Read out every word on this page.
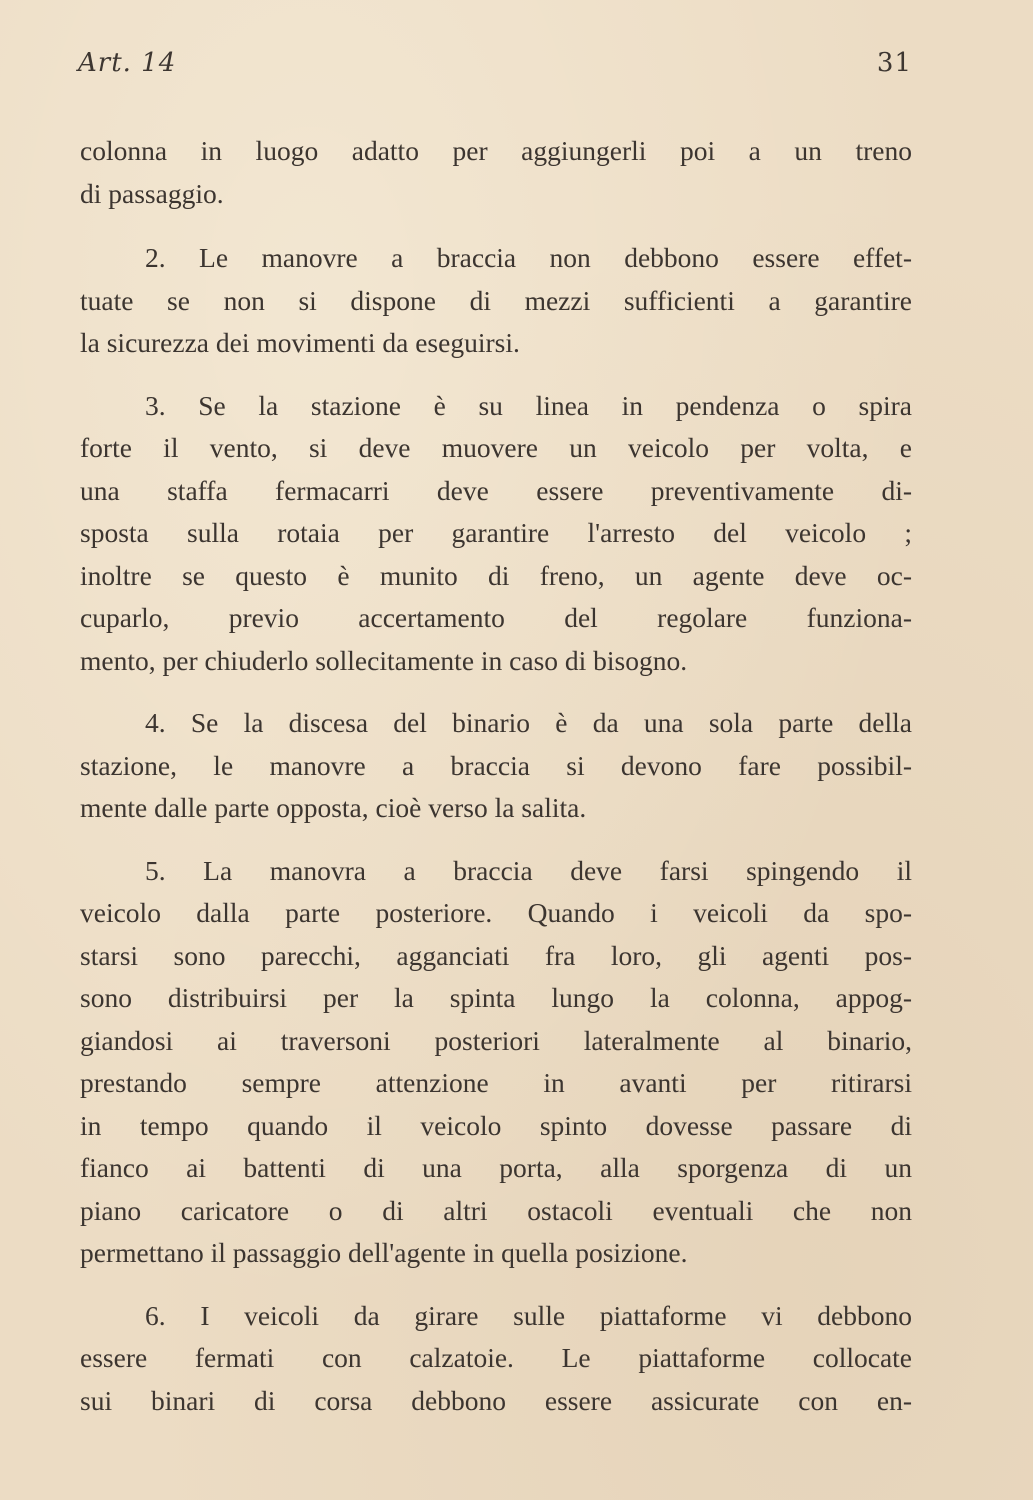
Art. 14	31
colonna in luogo adatto per aggiungerli poi a un treno
di passaggio.
2. Le manovre a braccia non debbono essere effet-
tuate se non si dispone di mezzi sufficienti a garantire
la sicurezza dei movimenti da eseguirsi.
3. Se la stazione è su linea in pendenza o spira
forte il vento, si deve muovere un veicolo per volta, e
una staffa fermacarri deve essere preventivamente di-
sposta sulla rotaia per garantire l'arresto del veicolo ;
inoltre se questo è munito di freno, un agente deve oc-
cuparlo, previo accertamento del regolare funziona-
mento, per chiuderlo sollecitamente in caso di bisogno.
4. Se la discesa del binario è da una sola parte della
stazione, le manovre a braccia si devono fare possibil-
mente dalle parte opposta, cioè verso la salita.
5. La manovra a braccia deve farsi spingendo il
veicolo dalla parte posteriore. Quando i veicoli da spo-
starsi sono parecchi, agganciati fra loro, gli agenti pos-
sono distribuirsi per la spinta lungo la colonna, appog-
giandosi ai traversoni posteriori lateralmente al binario,
prestando sempre attenzione in avanti per ritirarsi
in tempo quando il veicolo spinto dovesse passare di
fianco ai battenti di una porta, alla sporgenza di un
piano caricatore o di altri ostacoli eventuali che non
permettano il passaggio dell'agente in quella posizione.
6. I veicoli da girare sulle piattaforme vi debbono
essere fermati con calzatoie. Le piattaforme collocate
sui binari di corsa debbono essere assicurate con en-
